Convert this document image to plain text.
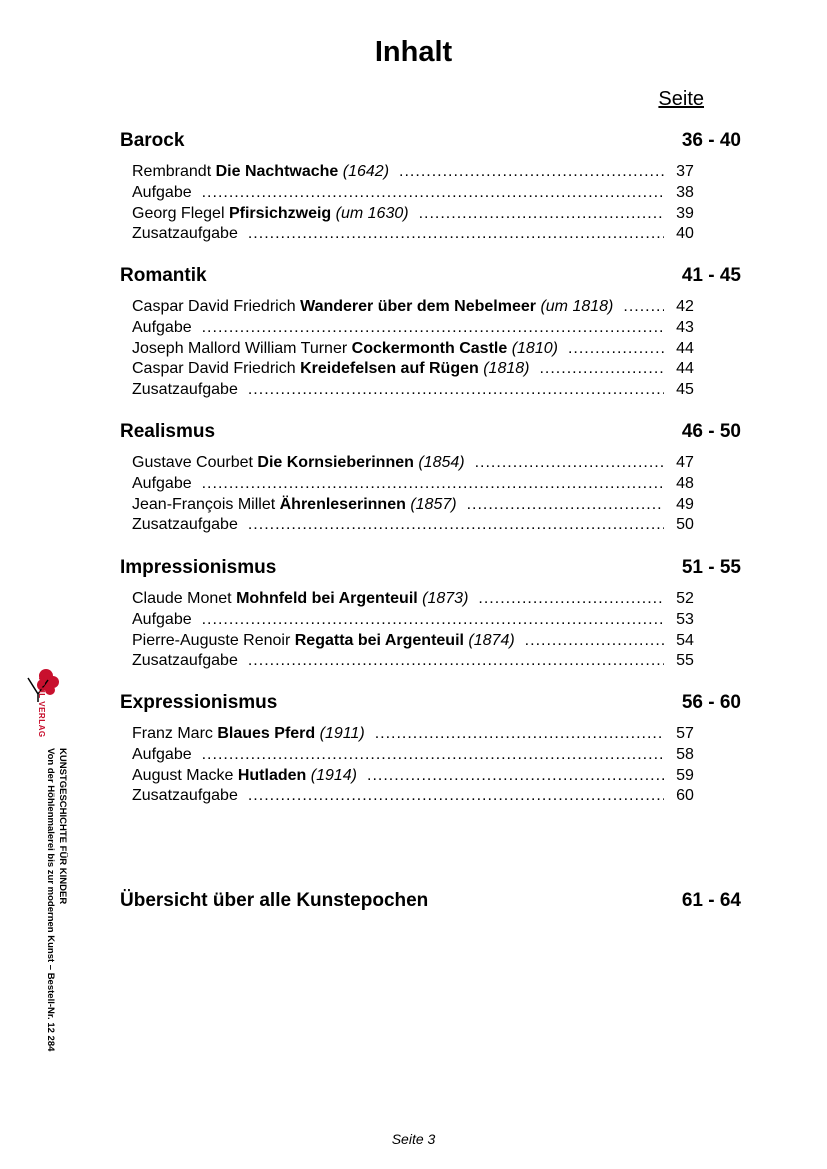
Inhalt
Seite
Barock	36 - 40
Rembrandt Die Nachtwache (1642) .....	37
Aufgabe .....	38
Georg Flegel Pfirsichzweig (um 1630) .....	39
Zusatzaufgabe .....	40
Romantik	41 - 45
Caspar David Friedrich Wanderer über dem Nebelmeer (um 1818) .....	42
Aufgabe .....	43
Joseph Mallord William Turner Cockermonth Castle (1810) .....	44
Caspar David Friedrich Kreidefelsen auf Rügen (1818) .....	44
Zusatzaufgabe .....	45
Realismus	46 - 50
Gustave Courbet Die Kornsieberinnen (1854) .....	47
Aufgabe .....	48
Jean-François Millet Ährenleserinnen (1857) .....	49
Zusatzaufgabe .....	50
Impressionismus	51 - 55
Claude Monet Mohnfeld bei Argenteuil (1873) .....	52
Aufgabe .....	53
Pierre-Auguste Renoir Regatta bei Argenteuil (1874) .....	54
Zusatzaufgabe .....	55
Expressionismus	56 - 60
Franz Marc Blaues Pferd (1911) .....	57
Aufgabe .....	58
August Macke Hutladen (1914) .....	59
Zusatzaufgabe .....	60
Übersicht über alle Kunstepochen	61 - 64
Seite 3
KOHL VERLAG
KUNSTGESCHICHTE FÜR KINDER
Von der Höhlenmalerei bis zur modernen Kunst – Bestell-Nr. 12 284
